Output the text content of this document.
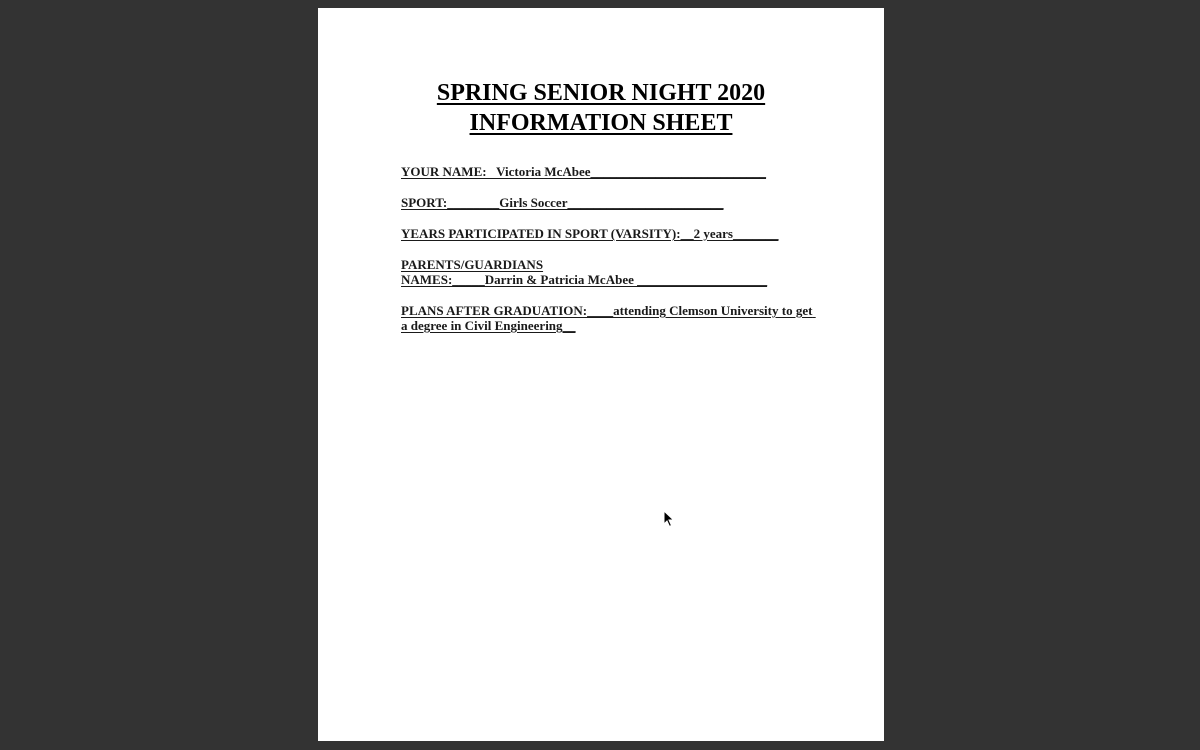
SPRING SENIOR NIGHT 2020
INFORMATION SHEET
YOUR NAME:   Victoria McAbee___________________________
SPORT:________Girls Soccer________________________
YEARS PARTICIPATED IN SPORT (VARSITY):__2 years_______
PARENTS/GUARDIANS
NAMES:_____Darrin & Patricia McAbee ____________________
PLANS AFTER GRADUATION:____attending Clemson University to get a degree in Civil Engineering__
